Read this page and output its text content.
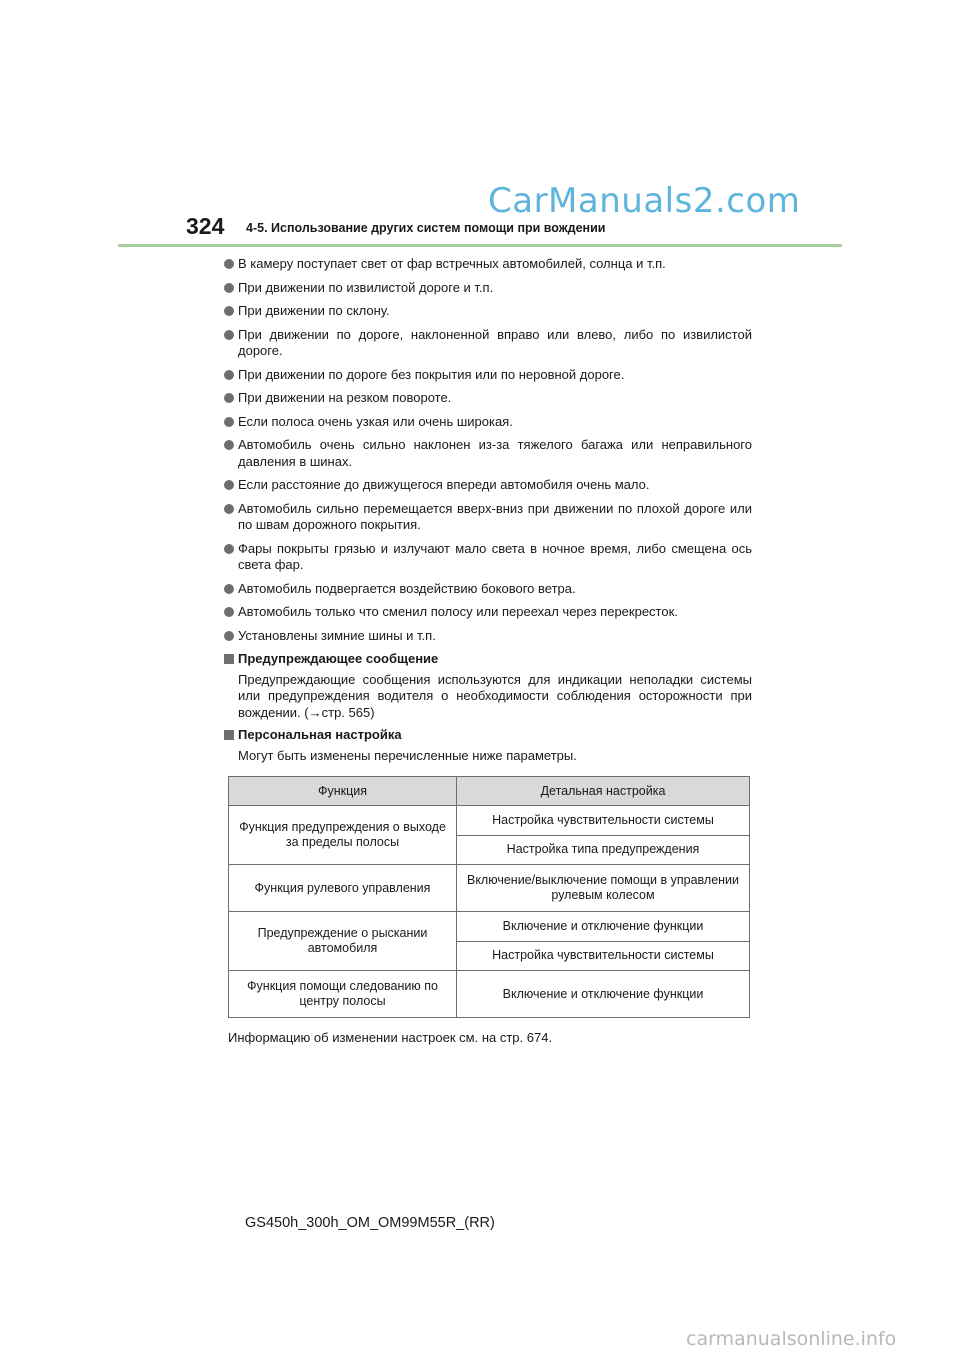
CarManuals2.com
324 4-5. Использование других систем помощи при вождении
В камеру поступает свет от фар встречных автомобилей, солнца и т.п.
При движении по извилистой дороге и т.п.
При движении по склону.
При движении по дороге, наклоненной вправо или влево, либо по извилистой дороге.
При движении по дороге без покрытия или по неровной дороге.
При движении на резком повороте.
Если полоса очень узкая или очень широкая.
Автомобиль очень сильно наклонен из-за тяжелого багажа или неправильного давления в шинах.
Если расстояние до движущегося впереди автомобиля очень мало.
Автомобиль сильно перемещается вверх-вниз при движении по плохой дороге или по швам дорожного покрытия.
Фары покрыты грязью и излучают мало света в ночное время, либо смещена ось света фар.
Автомобиль подвергается воздействию бокового ветра.
Автомобиль только что сменил полосу или переехал через перекресток.
Установлены зимние шины и т.п.
Предупреждающее сообщение
Предупреждающие сообщения используются для индикации неполадки системы или предупреждения водителя о необходимости соблюдения осторожности при вождении. (→стр. 565)
Персональная настройка
Могут быть изменены перечисленные ниже параметры.
Функция	Детальная настройка
Функция предупреждения о выходе за пределы полосы	Настройка чувствительности системы
	Настройка типа предупреждения
Функция рулевого управления	Включение/выключение помощи в управлении рулевым колесом
Предупреждение о рыскании автомобиля	Включение и отключение функции
	Настройка чувствительности системы
Функция помощи следованию по центру полосы	Включение и отключение функции
Информацию об изменении настроек см. на стр. 674.
GS450h_300h_OM_OM99M55R_(RR)
carmanualsonline.info
